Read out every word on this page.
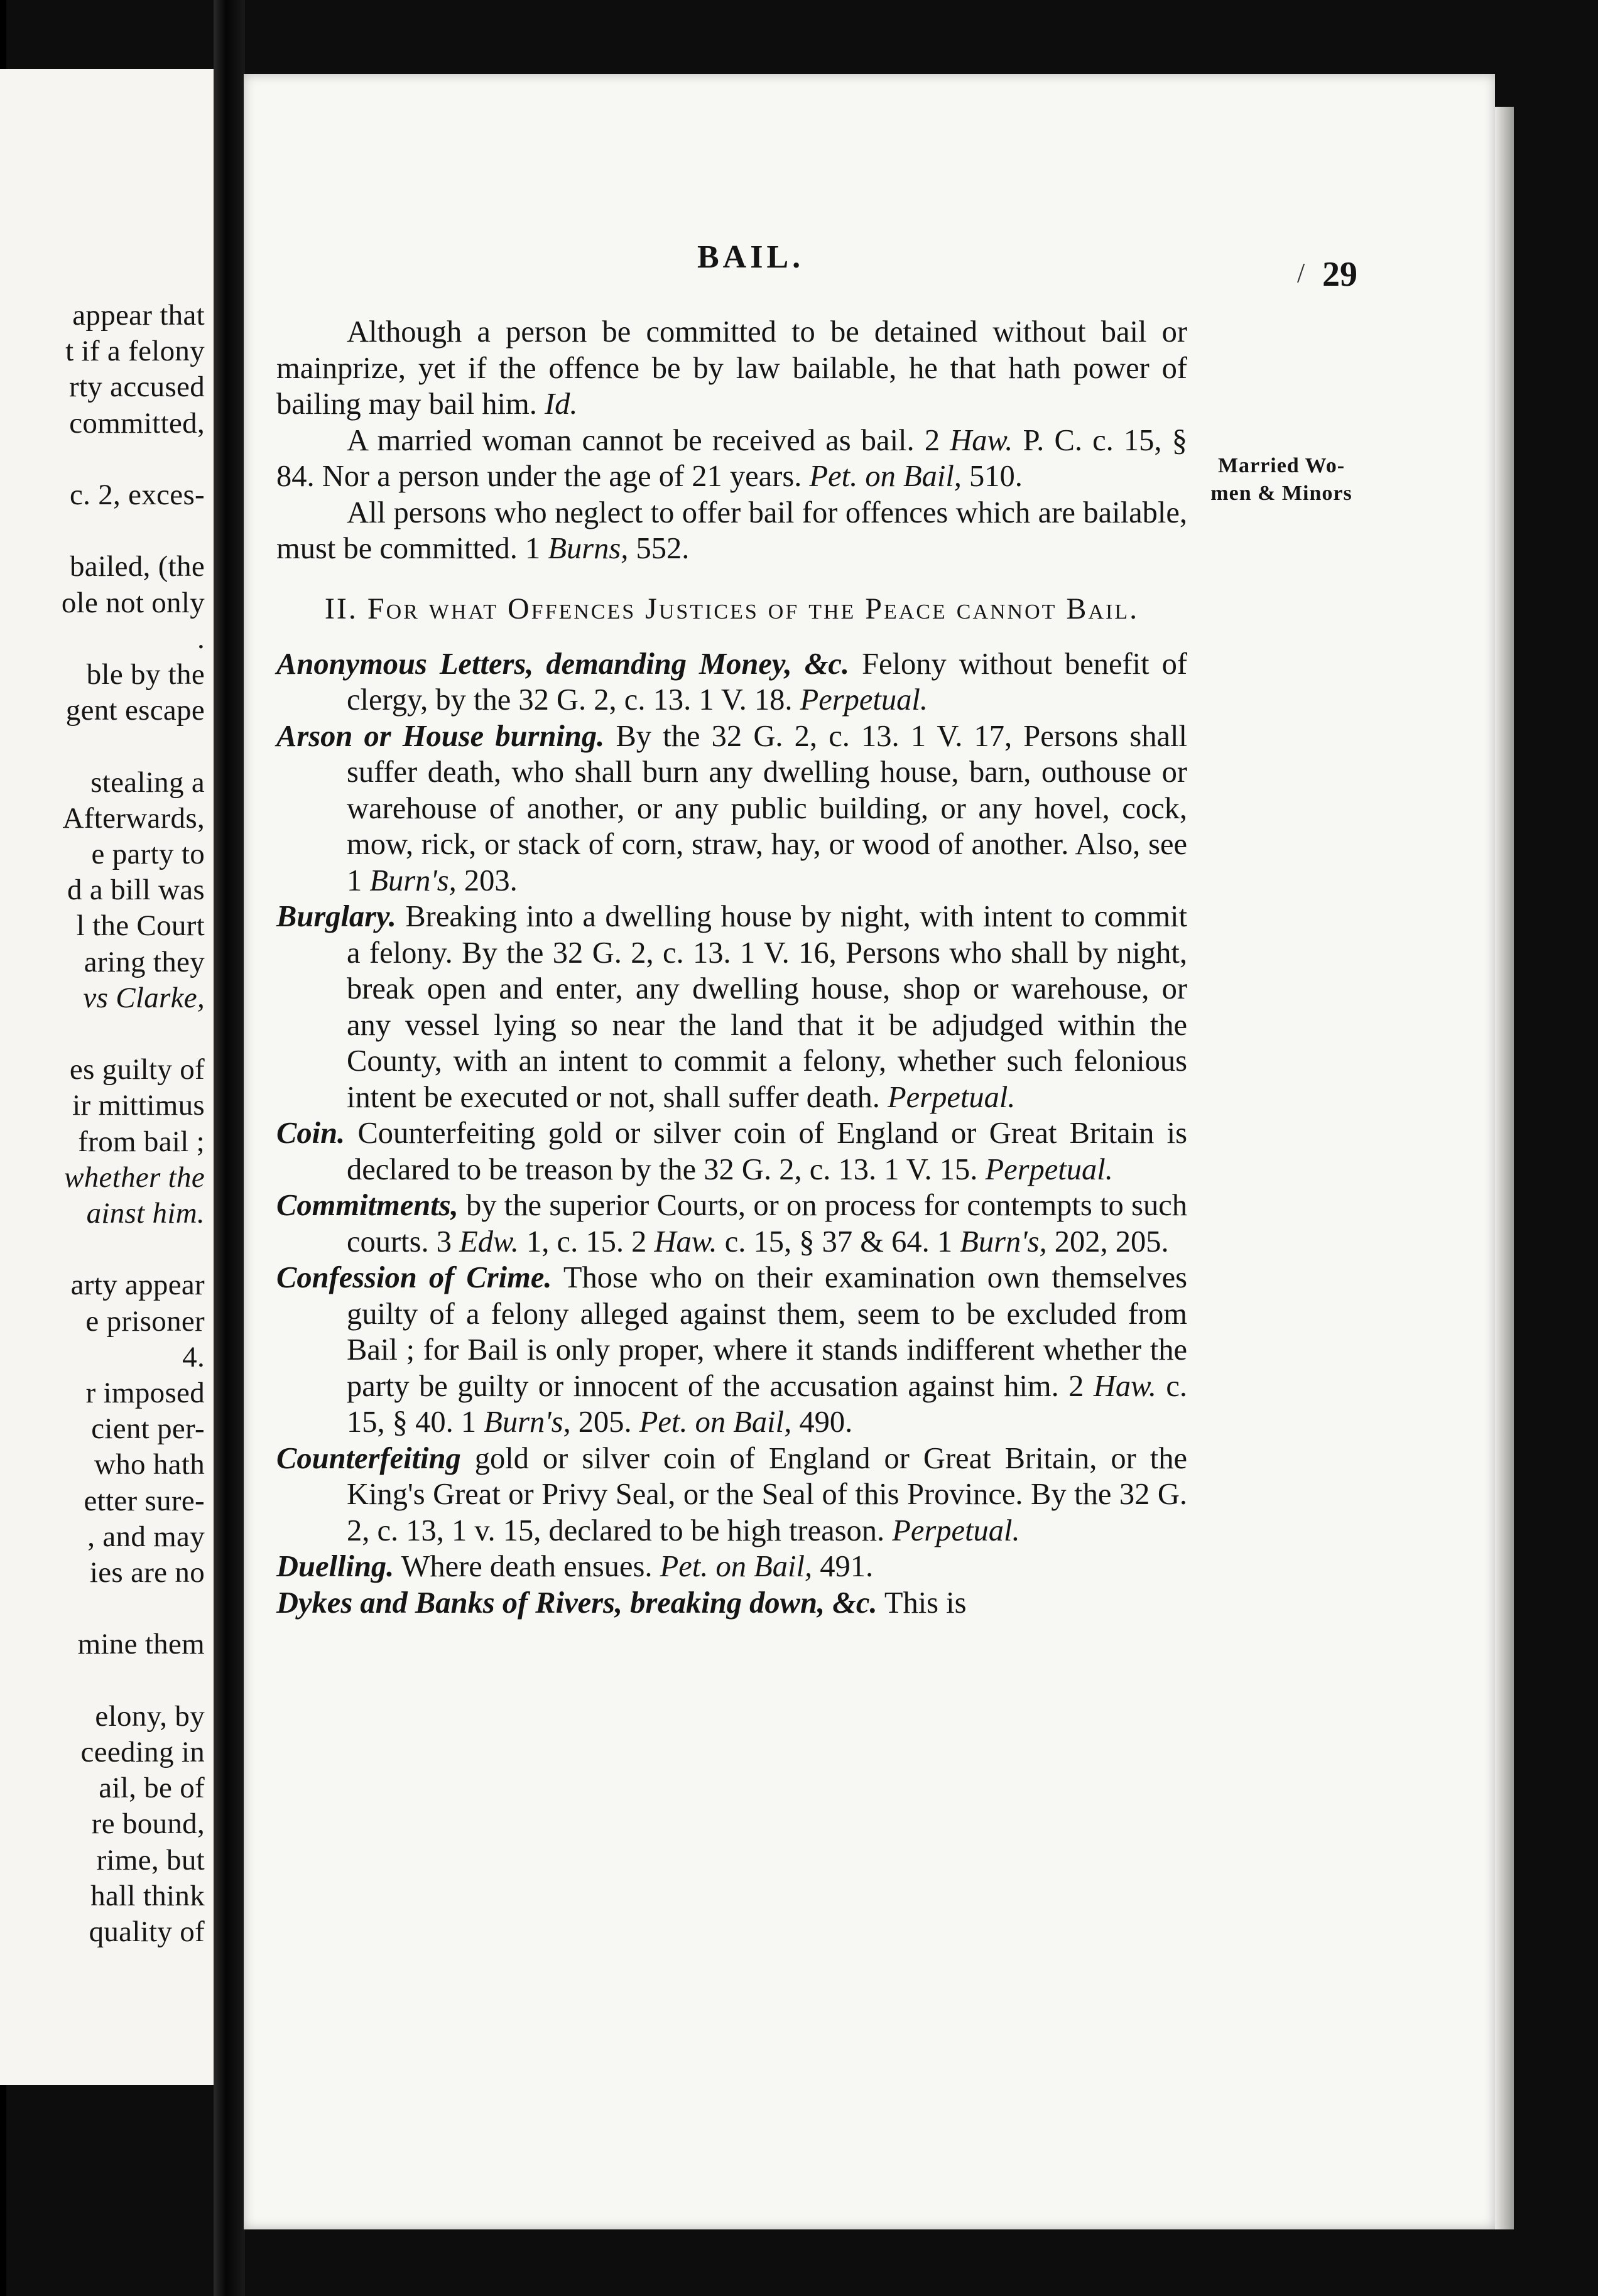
appear that
t if a felony
rty accused
committed,
c. 2, exces-
bailed, (the
ole not only
.
ble by the
gent escape
stealing a
Afterwards,
e party to
d a bill was
l the Court
aring they
vs Clarke,
es guilty of
ir mittimus
from bail ;
whether the
ainst him.
arty appear
e prisoner
4.
r imposed
cient per-
who hath
etter sure-
, and may
ies are no
mine them
elony, by
ceeding in
ail, be of
re bound,
rime, but
hall think
quality of
BAIL.
/	29
Married Wo-men & Minors

Although a person be committed to be detained without bail or mainprize, yet if the offence be by law bailable, he that hath power of bailing may bail him. Id.

A married woman cannot be received as bail. 2 Haw. P. C. c. 15, § 84. Nor a person under the age of 21 years. Pet. on Bail, 510.

All persons who neglect to offer bail for offences which are bailable, must be committed. 1 Burns, 552.

II. For what Offences Justices of the Peace cannot Bail.

Anonymous Letters, demanding Money, &c. Felony without benefit of clergy, by the 32 G. 2, c. 13. 1 V. 18. Perpetual.

Arson or House burning. By the 32 G. 2, c. 13. 1 V. 17, Persons shall suffer death, who shall burn any dwelling house, barn, outhouse or warehouse of another, or any public building, or any hovel, cock, mow, rick, or stack of corn, straw, hay, or wood of another. Also, see 1 Burn's, 203.

Burglary. Breaking into a dwelling house by night, with intent to commit a felony. By the 32 G. 2, c. 13. 1 V. 16, Persons who shall by night, break open and enter, any dwelling house, shop or warehouse, or any vessel lying so near the land that it be adjudged within the County, with an intent to commit a felony, whether such felonious intent be executed or not, shall suffer death. Perpetual.

Coin. Counterfeiting gold or silver coin of England or Great Britain is declared to be treason by the 32 G. 2, c. 13. 1 V. 15. Perpetual.

Commitments, by the superior Courts, or on process for contempts to such courts. 3 Edw. 1, c. 15. 2 Haw. c. 15, § 37 & 64. 1 Burn's, 202, 205.

Confession of Crime. Those who on their examination own themselves guilty of a felony alleged against them, seem to be excluded from Bail ; for Bail is only proper, where it stands indifferent whether the party be guilty or innocent of the accusation against him. 2 Haw. c. 15, § 40. 1 Burn's, 205. Pet. on Bail, 490.

Counterfeiting gold or silver coin of England or Great Britain, or the King's Great or Privy Seal, or the Seal of this Province. By the 32 G. 2, c. 13, 1 v. 15, declared to be high treason. Perpetual.

Duelling. Where death ensues. Pet. on Bail, 491.

Dykes and Banks of Rivers, breaking down, &c. This is
